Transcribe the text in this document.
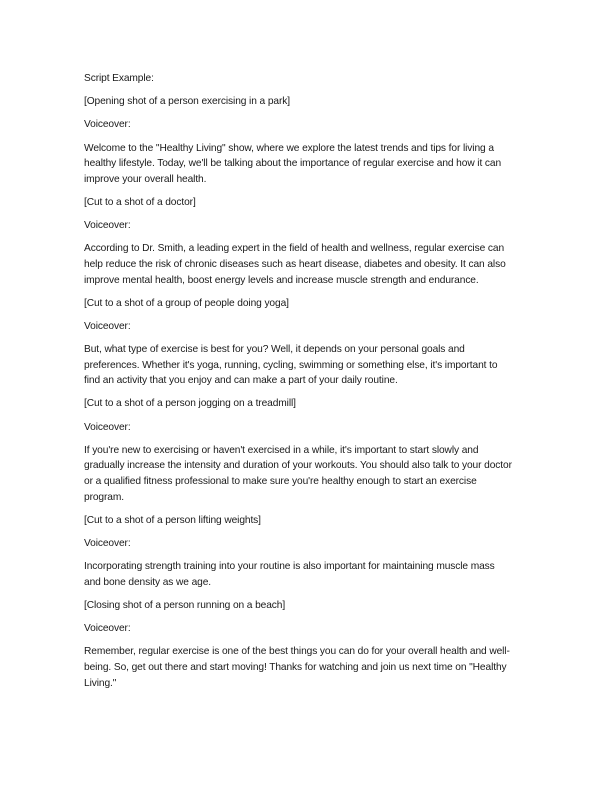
Script Example:

[Opening shot of a person exercising in a park]

Voiceover:

Welcome to the "Healthy Living" show, where we explore the latest trends and tips for living a
healthy lifestyle. Today, we'll be talking about the importance of regular exercise and how it can
improve your overall health.

[Cut to a shot of a doctor]

Voiceover:

According to Dr. Smith, a leading expert in the field of health and wellness, regular exercise can
help reduce the risk of chronic diseases such as heart disease, diabetes and obesity. It can also
improve mental health, boost energy levels and increase muscle strength and endurance.

[Cut to a shot of a group of people doing yoga]

Voiceover:

But, what type of exercise is best for you? Well, it depends on your personal goals and
preferences. Whether it's yoga, running, cycling, swimming or something else, it's important to
find an activity that you enjoy and can make a part of your daily routine.

[Cut to a shot of a person jogging on a treadmill]

Voiceover:

If you're new to exercising or haven't exercised in a while, it's important to start slowly and
gradually increase the intensity and duration of your workouts. You should also talk to your doctor
or a qualified fitness professional to make sure you're healthy enough to start an exercise
program.

[Cut to a shot of a person lifting weights]

Voiceover:

Incorporating strength training into your routine is also important for maintaining muscle mass
and bone density as we age.

[Closing shot of a person running on a beach]

Voiceover:

Remember, regular exercise is one of the best things you can do for your overall health and well-
being. So, get out there and start moving! Thanks for watching and join us next time on "Healthy
Living."
